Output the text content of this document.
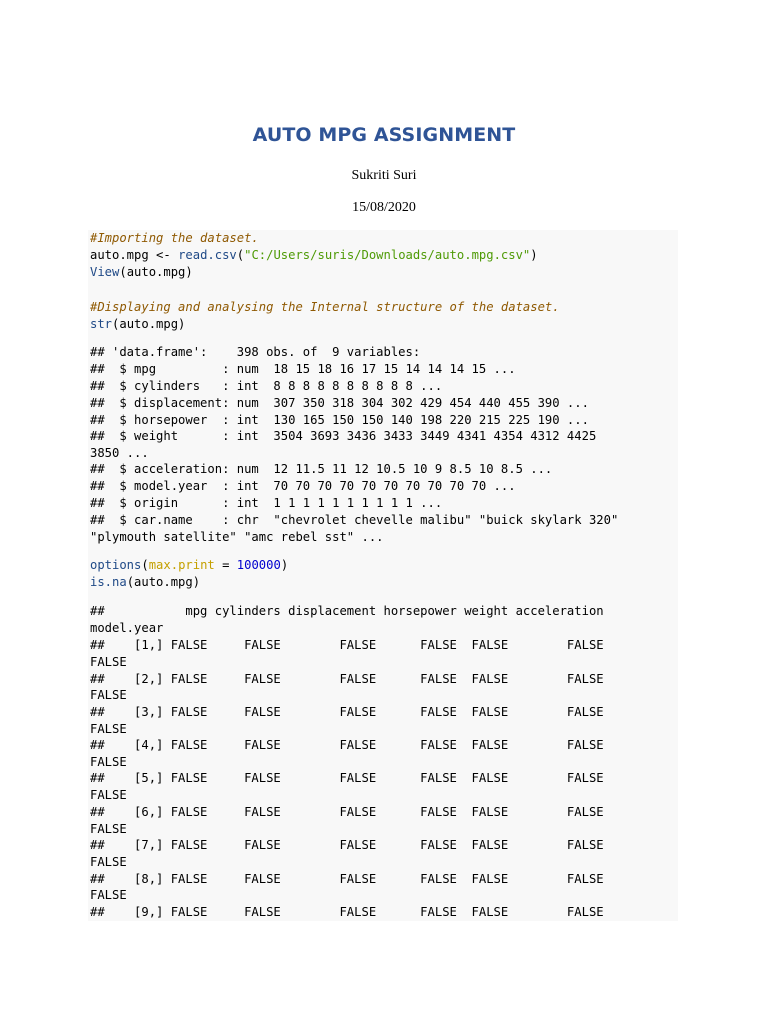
AUTO MPG ASSIGNMENT
Sukriti Suri
15/08/2020
#Importing the dataset.
auto.mpg <- read.csv("C:/Users/suris/Downloads/auto.mpg.csv")
View(auto.mpg)
#Displaying and analysing the Internal structure of the dataset.
str(auto.mpg)
## 'data.frame':    398 obs. of  9 variables:
##  $ mpg         : num  18 15 18 16 17 15 14 14 14 15 ...
##  $ cylinders   : int  8 8 8 8 8 8 8 8 8 8 ...
##  $ displacement: num  307 350 318 304 302 429 454 440 455 390 ...
##  $ horsepower  : int  130 165 150 150 140 198 220 215 225 190 ...
##  $ weight      : int  3504 3693 3436 3433 3449 4341 4354 4312 4425
3850 ...
##  $ acceleration: num  12 11.5 11 12 10.5 10 9 8.5 10 8.5 ...
##  $ model.year  : int  70 70 70 70 70 70 70 70 70 70 ...
##  $ origin      : int  1 1 1 1 1 1 1 1 1 1 ...
##  $ car.name    : chr  "chevrolet chevelle malibu" "buick skylark 320"
"plymouth satellite" "amc rebel sst" ...
options(max.print = 100000)
is.na(auto.mpg)
##           mpg cylinders displacement horsepower weight acceleration
model.year
##    [1,] FALSE     FALSE        FALSE      FALSE  FALSE        FALSE
FALSE
##    [2,] FALSE     FALSE        FALSE      FALSE  FALSE        FALSE
FALSE
##    [3,] FALSE     FALSE        FALSE      FALSE  FALSE        FALSE
FALSE
##    [4,] FALSE     FALSE        FALSE      FALSE  FALSE        FALSE
FALSE
##    [5,] FALSE     FALSE        FALSE      FALSE  FALSE        FALSE
FALSE
##    [6,] FALSE     FALSE        FALSE      FALSE  FALSE        FALSE
FALSE
##    [7,] FALSE     FALSE        FALSE      FALSE  FALSE        FALSE
FALSE
##    [8,] FALSE     FALSE        FALSE      FALSE  FALSE        FALSE
FALSE
##    [9,] FALSE     FALSE        FALSE      FALSE  FALSE        FALSE
